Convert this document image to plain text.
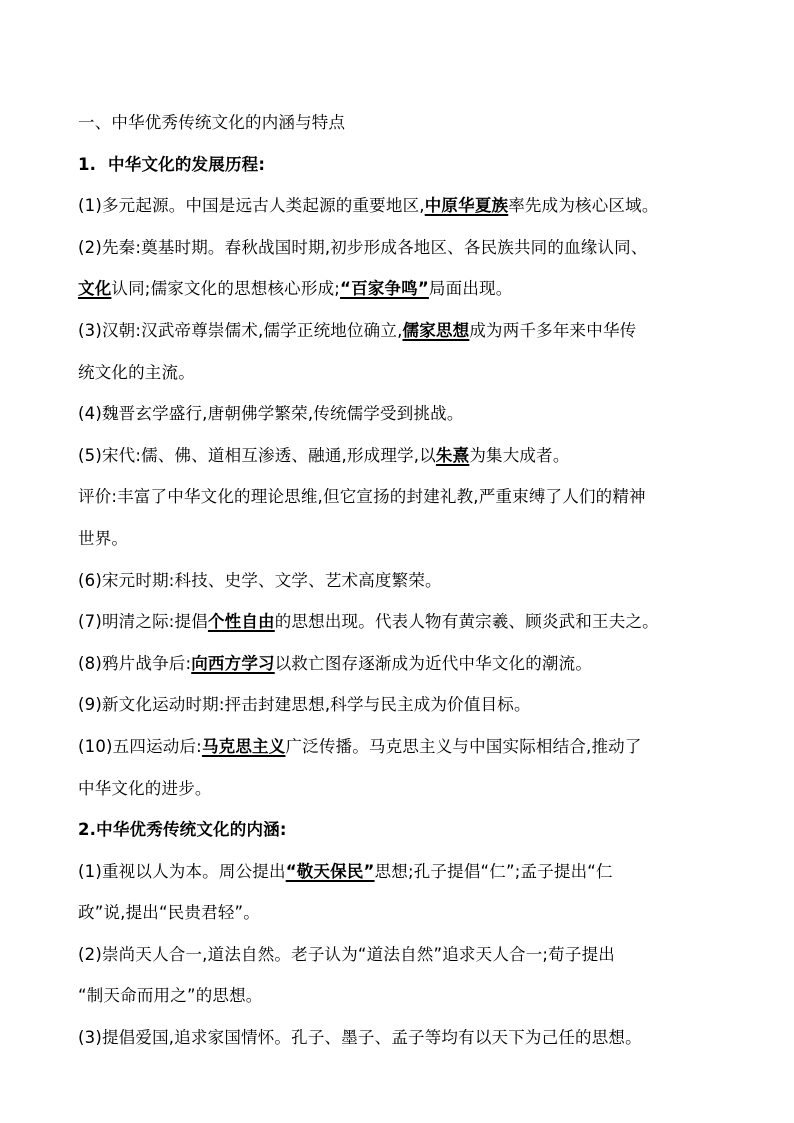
一、中华优秀传统文化的内涵与特点
1. 中华文化的发展历程:
(1)多元起源。中国是远古人类起源的重要地区,中原华夏族率先成为核心区域。
(2)先秦:奠基时期。春秋战国时期,初步形成各地区、各民族共同的血缘认同、
文化认同;儒家文化的思想核心形成;“百家争鸣”局面出现。
(3)汉朝:汉武帝尊崇儒术,儒学正统地位确立,儒家思想成为两千多年来中华传
统文化的主流。
(4)魏晋玄学盛行,唐朝佛学繁荣,传统儒学受到挑战。
(5)宋代:儒、佛、道相互渗透、融通,形成理学,以朱熹为集大成者。
评价:丰富了中华文化的理论思维,但它宣扬的封建礼教,严重束缚了人们的精神
世界。
(6)宋元时期:科技、史学、文学、艺术高度繁荣。
(7)明清之际:提倡个性自由的思想出现。代表人物有黄宗羲、顾炎武和王夫之。
(8)鸦片战争后:向西方学习以救亡图存逐渐成为近代中华文化的潮流。
(9)新文化运动时期:抨击封建思想,科学与民主成为价值目标。
(10)五四运动后:马克思主义广泛传播。马克思主义与中国实际相结合,推动了
中华文化的进步。
2.中华优秀传统文化的内涵:
(1)重视以人为本。周公提出“敬天保民”思想;孔子提倡“仁”;孟子提出“仁
政”说,提出“民贵君轻”。
(2)崇尚天人合一,道法自然。老子认为“道法自然”追求天人合一;荀子提出
“制天命而用之”的思想。
(3)提倡爱国,追求家国情怀。孔子、墨子、孟子等均有以天下为己任的思想。
